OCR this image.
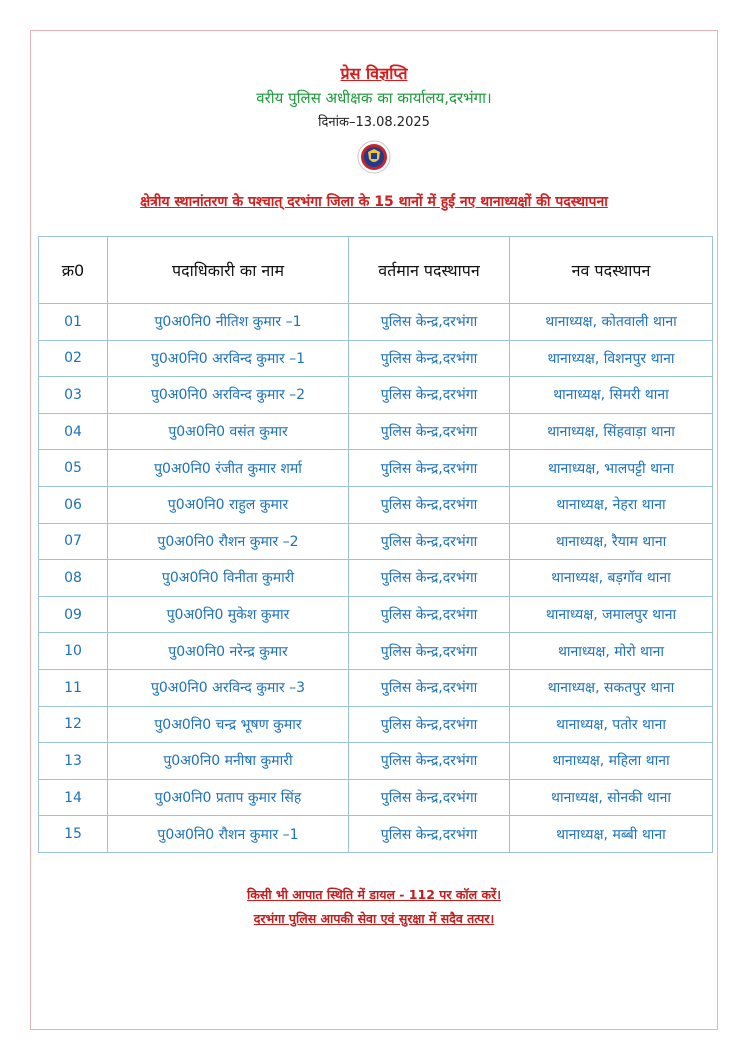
प्रेस विज्ञप्ति
वरीय पुलिस अधीक्षक का कार्यालय,दरभंगा।
दिनांक–13.08.2025
क्षेत्रीय स्थानांतरण के पश्चात् दरभंगा जिला के 15 थानों में हुई नए थानाध्यक्षों की पदस्थापना
क्र0	पदाधिकारी का नाम	वर्तमान पदस्थापन	नव पदस्थापन
01	पु0अ0नि0 नीतिश कुमार –1	पुलिस केन्द्र,दरभंगा	थानाध्यक्ष, कोतवाली थाना
02	पु0अ0नि0 अरविन्द कुमार –1	पुलिस केन्द्र,दरभंगा	थानाध्यक्ष, विशनपुर थाना
03	पु0अ0नि0 अरविन्द कुमार –2	पुलिस केन्द्र,दरभंगा	थानाध्यक्ष, सिमरी थाना
04	पु0अ0नि0 वसंत कुमार	पुलिस केन्द्र,दरभंगा	थानाध्यक्ष, सिंहवाड़ा थाना
05	पु0अ0नि0 रंजीत कुमार शर्मा	पुलिस केन्द्र,दरभंगा	थानाध्यक्ष, भालपट्टी थाना
06	पु0अ0नि0 राहुल कुमार	पुलिस केन्द्र,दरभंगा	थानाध्यक्ष, नेहरा थाना
07	पु0अ0नि0 रौशन कुमार –2	पुलिस केन्द्र,दरभंगा	थानाध्यक्ष, रैयाम थाना
08	पु0अ0नि0 विनीता कुमारी	पुलिस केन्द्र,दरभंगा	थानाध्यक्ष, बड़गॉव थाना
09	पु0अ0नि0 मुकेश कुमार	पुलिस केन्द्र,दरभंगा	थानाध्यक्ष, जमालपुर थाना
10	पु0अ0नि0 नरेन्द्र कुमार	पुलिस केन्द्र,दरभंगा	थानाध्यक्ष, मोरो थाना
11	पु0अ0नि0 अरविन्द कुमार –3	पुलिस केन्द्र,दरभंगा	थानाध्यक्ष, सकतपुर थाना
12	पु0अ0नि0 चन्द्र भूषण कुमार	पुलिस केन्द्र,दरभंगा	थानाध्यक्ष, पतोर थाना
13	पु0अ0नि0 मनीषा कुमारी	पुलिस केन्द्र,दरभंगा	थानाध्यक्ष, महिला थाना
14	पु0अ0नि0 प्रताप कुमार सिंह	पुलिस केन्द्र,दरभंगा	थानाध्यक्ष, सोनकी थाना
15	पु0अ0नि0 रौशन कुमार –1	पुलिस केन्द्र,दरभंगा	थानाध्यक्ष, मब्बी थाना
किसी भी आपात स्थिति में डायल - 112 पर कॉल करें।
दरभंगा पुलिस आपकी सेवा एवं सुरक्षा में सदैव तत्पर।
